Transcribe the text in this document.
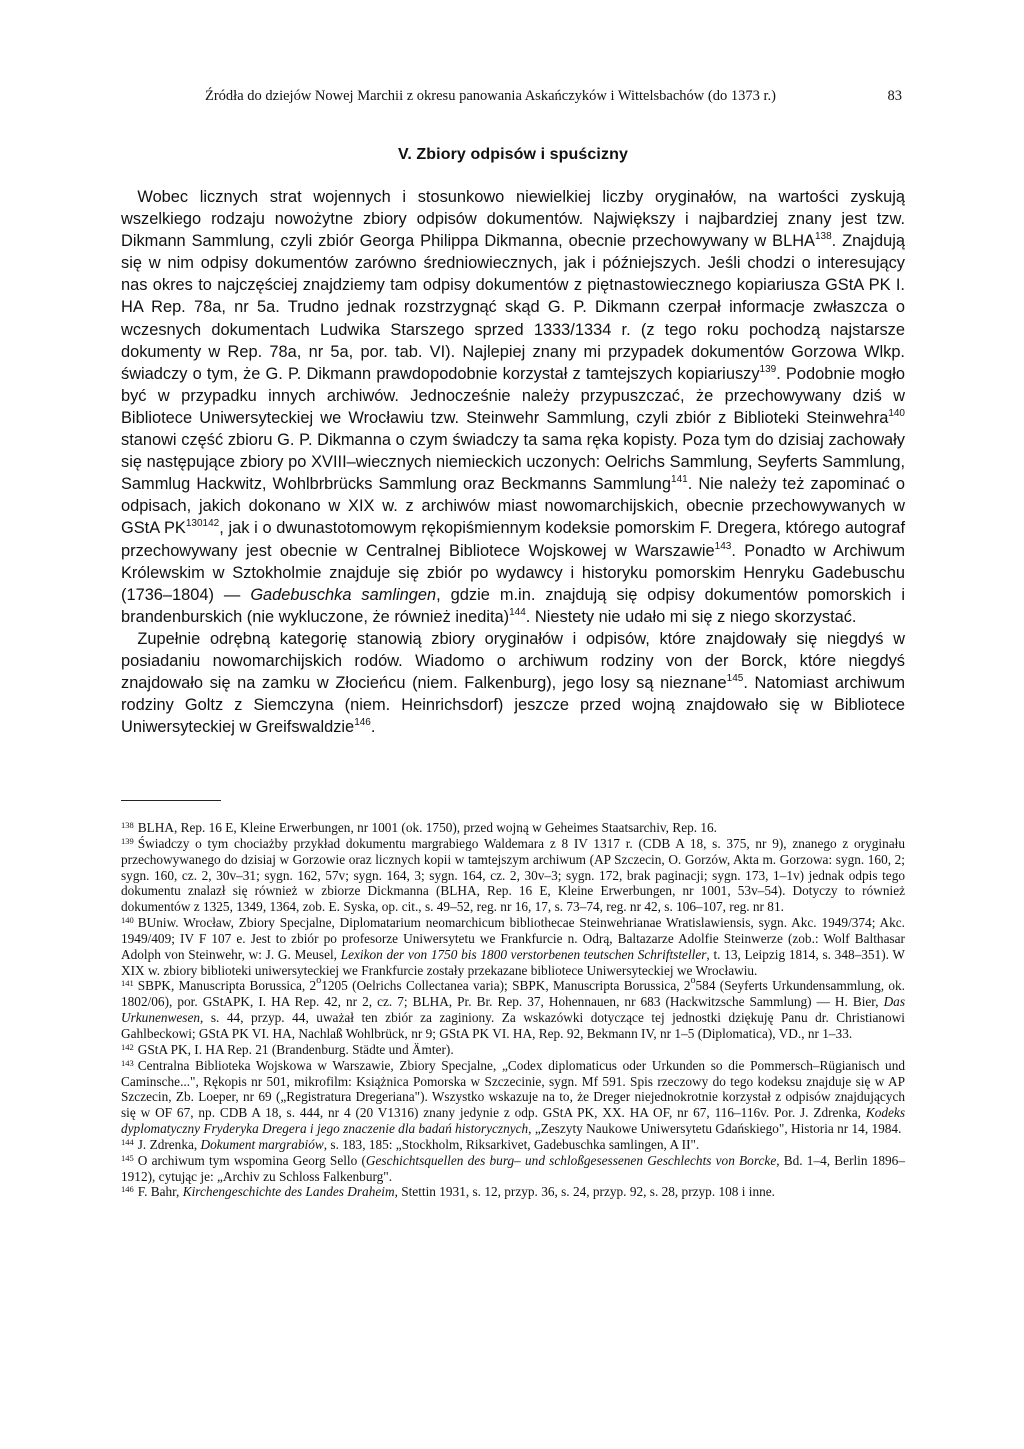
Źródła do dziejów Nowej Marchii z okresu panowania Askańczyków i Wittelsbachów (do 1373 r.)	83
V. Zbiory odpisów i spuścizny

 Wobec licznych strat wojennych i stosunkowo niewielkiej liczby oryginałów, na wartości zyskują wszelkiego rodzaju nowożytne zbiory odpisów dokumentów. Największy i najbardziej znany jest tzw. Dikmann Sammlung, czyli zbiór Georga Philippa Dikmanna, obecnie przechowywany w BLHA$^{138}$. Znajdują się w nim odpisy dokumentów zarówno średniowiecznych, jak i późniejszych. Jeśli chodzi o interesujący nas okres to najczęściej znajdziemy tam odpisy dokumentów z piętnastowiecznego kopiariusza GStA PK I. HA Rep. 78a, nr 5a. Trudno jednak rozstrzygnąć skąd G. P. Dikmann czerpał informacje zwłaszcza o wczesnych dokumentach Ludwika Starszego sprzed 1333/1334 r. (z tego roku pochodzą najstarsze dokumenty w Rep. 78a, nr 5a, por. tab. VI). Najlepiej znany mi przypadek dokumentów Gorzowa Wlkp. świadczy o tym, że G. P. Dikmann prawdopodobnie korzystał z tamtejszych kopiariuszy$^{139}$. Podobnie mogło być w przypadku innych archiwów. Jednocześnie należy przypuszczać, że przechowywany dziś w Bibliotece Uniwersyteckiej we Wrocławiu tzw. Steinwehr Sammlung, czyli zbiór z Biblioteki Steinwehra$^{140}$ stanowi część zbioru G. P. Dikmanna o czym świadczy ta sama ręka kopisty. Poza tym do dzisiaj zachowały się następujące zbiory po XVIII–wiecznych niemieckich uczonych: Oelrichs Sammlung, Seyferts Sammlung, Sammlug Hackwitz, Wohlbrbrücks Sammlung oraz Beckmanns Sammlung$^{141}$. Nie należy też zapominać o odpisach, jakich dokonano w XIX w. z archiwów miast nowomarchijskich, obecnie przechowywanych w GStA $PK^{130142}$, jak i o dwunastotomowym rękopiśmiennym kodeksie pomorskim F. Dregera, którego autograf przechowywany jest obecnie w Centralnej Bibliotece Wojskowej w Warszawie$^{143}$. Ponadto w Archiwum Królewskim w Sztokholmie znajduje się zbiór po wydawcy i historyku pomorskim Henryku Gadebuschu (1736–1804) — Gadebuschka samlingen, gdzie m.in. znajdują się odpisy dokumentów pomorskich i brandenburskich (nie wykluczone, że również inedita)$^{144}$. Niestety nie udało mi się z niego skorzystać.

 Zupełnie odrębną kategorię stanowią zbiory oryginałów i odpisów, które znajdowały się niegdyś w posiadaniu nowomarchijskich rodów. Wiadomo o archiwum rodziny von der Borck, które niegdyś znajdowało się na zamku w Złocieńcu (niem. Falkenburg), jego losy są nieznane$^{145}$. Natomiast archiwum rodziny Goltz z Siemczyna (niem. Heinrichsdorf) jeszcze przed wojną znajdowało się w Bibliotece Uniwersyteckiej w Greifswaldzie$^{146}$.

$^{138}$ BLHA, Rep. 16 E, Kleine Erwerbungen, nr 1001 (ok. 1750), przed wojną w Geheimes Staatsarchiv, Rep. 16.

$^{139}$ Świadczy o tym chociażby przykład dokumentu margrabiego Waldemara z 8 IV 1317 r. (CDB A 18, s. 375, nr 9), znanego z oryginału przechowywanego do dzisiaj w Gorzowie oraz licznych kopii w tamtejszym archiwum (AP Szczecin, O. Gorzów, Akta m. Gorzowa: sygn. 160, 2; sygn. 160, cz. 2, 30v–31; sygn. 162, 57v; sygn. 164, 3; sygn. 164, cz. 2, 30v–3; sygn. 172, brak paginacji; sygn. 173, 1–1v) jednak odpis tego dokumentu znalazł się również w zbiorze Dickmanna (BLHA, Rep. 16 E, Kleine Erwerbungen, nr 1001, 53v–54). Dotyczy to również dokumentów z 1325, 1349, 1364, zob. E. Syska, op. cit., s. 49–52, reg. nr 16, 17, s. 73–74, reg. nr 42, s. 106–107, reg. nr 81.

$^{140}$ BUniw. Wrocław, Zbiory Specjalne, Diplomatarium neomarchicum bibliothecae Steinwehrianae Wratislawiensis, sygn. Akc. 1949/374; Akc. 1949/409; IV F 107 e. Jest to zbiór po profesorze Uniwersytetu we Frankfurcie n. Odrą, Baltazarze Adolfie Steinwerze (zob.: Wolf Balthasar Adolph von Steinwehr, w: J. G. Meusel, Lexikon der von 1750 bis 1800 verstorbenen teutschen Schriftsteller, t. 13, Leipzig 1814, s. 348–351). W XIX w. zbiory biblioteki uniwersyteckiej we Frankfurcie zostały przekazane bibliotece Uniwersyteckiej we Wrocławiu.

$^{141}$ SBPK, Manuscripta Borussica, 2$^o$1205 (Oelrichs Collectanea varia); SBPK, Manuscripta Borussica, 2$^o$584 (Seyferts Urkundensammlung, ok. 1802/06), por. GStAPK, I. HA Rep. 42, nr 2, cz. 7; BLHA, Pr. Br. Rep. 37, Hohennauen, nr 683 (Hackwitzsche Sammlung) — H. Bier, Das Urkunenwesen, s. 44, przyp. 44, uważał ten zbiór za zaginiony. Za wskazówki dotyczące tej jednostki dziękuję Panu dr. Christianowi Gahlbeckowi; GStA PK VI. HA, Nachlaß Wohlbrück, nr 9; GStA PK VI. HA, Rep. 92, Bekmann IV, nr 1–5 (Diplomatica), VD., nr 1–33.

$^{142}$ GStA PK, I. HA Rep. 21 (Brandenburg. Städte und Ämter).

$^{143}$ Centralna Biblioteka Wojskowa w Warszawie, Zbiory Specjalne, „Codex diplomaticus oder Urkunden so die Pommersch–Rügianisch und Caminsche...", Rękopis nr 501, mikrofilm: Książnica Pomorska w Szczecinie, sygn. Mf 591. Spis rzeczowy do tego kodeksu znajduje się w AP Szczecin, Zb. Loeper, nr 69 („Registratura Dregeriana"). Wszystko wskazuje na to, że Dreger niejednokrotnie korzystał z odpisów znajdujących się w OF 67, np. CDB A 18, s. 444, nr 4 (20 V1316) znany jedynie z odp. GStA PK, XX. HA OF, nr 67, 116–116v. Por. J. Zdrenka, Kodeks dyplomatyczny Fryderyka Dregera i jego znaczenie dla badań historycznych, „Zeszyty Naukowe Uniwersytetu Gdańskiego", Historia nr 14, 1984.

$^{144}$ J. Zdrenka, Dokument margrabiów, s. 183, 185: „Stockholm, Riksarkivet, Gadebuschka samlingen, A II".

$^{145}$ O archiwum tym wspomina Georg Sello (Geschichtsquellen des burg– und schloßgesessenen Geschlechts von Borcke, Bd. 1–4, Berlin 1896–1912), cytując je: „Archiv zu Schloss Falkenburg".

$^{146}$ F. Bahr, Kirchengeschichte des Landes Draheim, Stettin 1931, s. 12, przyp. 36, s. 24, przyp. 92, s. 28, przyp. 108 i inne.
